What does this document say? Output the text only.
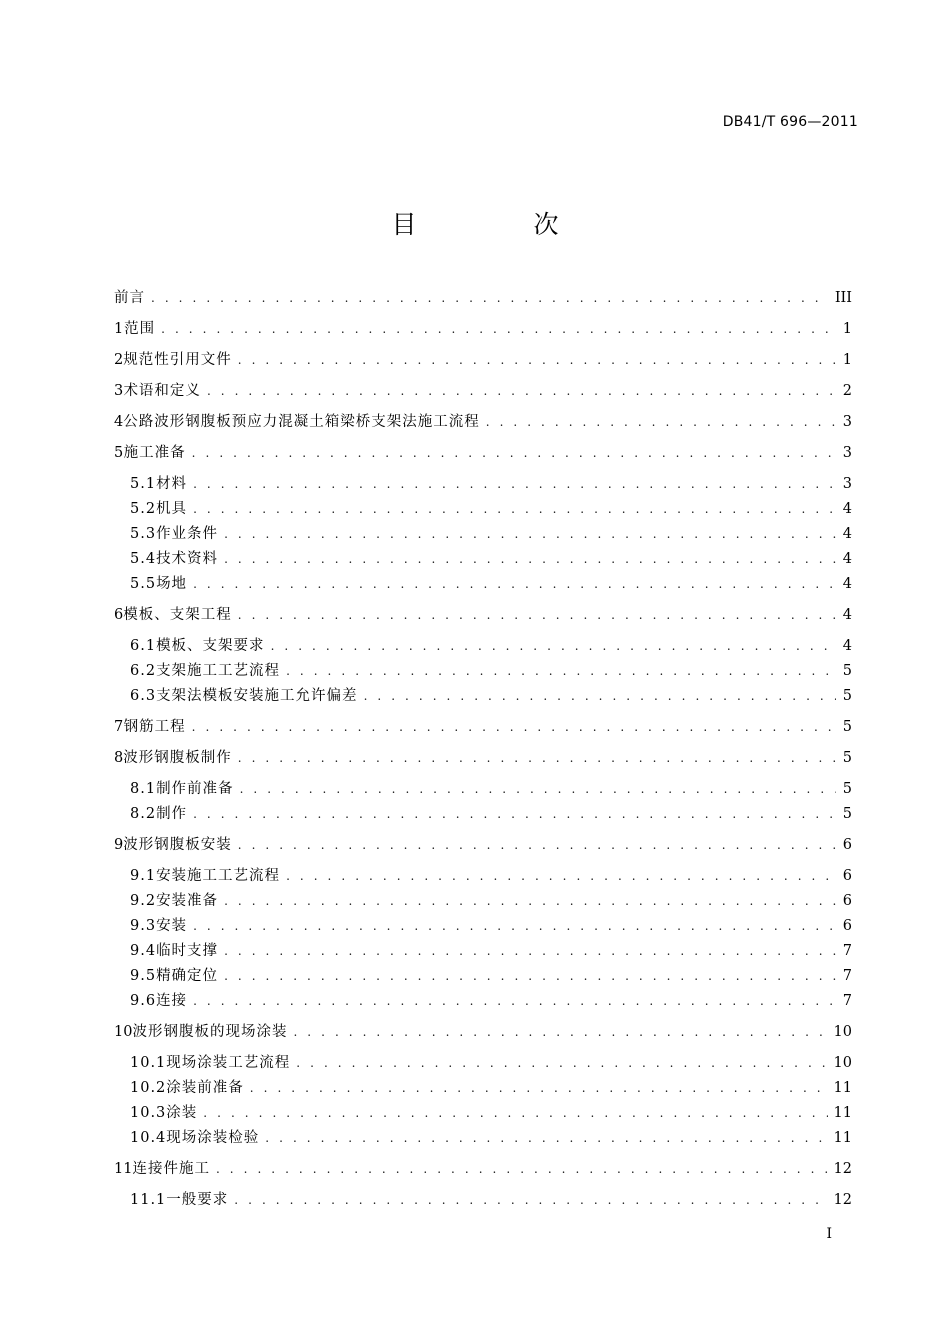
DB41/T 696—2011
目　次
前言 . . .	III
1 范围 . . .	1
2 规范性引用文件 . . .	1
3 术语和定义 . . .	2
4 公路波形钢腹板预应力混凝土箱梁桥支架法施工流程 . . .	3
5 施工准备 . . .	3
5.1 材料 . . .	3
5.2 机具 . . .	4
5.3 作业条件 . . .	4
5.4 技术资料 . . .	4
5.5 场地 . . .	4
6 模板、支架工程 . . .	4
6.1 模板、支架要求 . . .	4
6.2 支架施工工艺流程 . . .	5
6.3 支架法模板安装施工允许偏差 . . .	5
7 钢筋工程 . . .	5
8 波形钢腹板制作 . . .	5
8.1 制作前准备 . . .	5
8.2 制作 . . .	5
9 波形钢腹板安装 . . .	6
9.1 安装施工工艺流程 . . .	6
9.2 安装准备 . . .	6
9.3 安装 . . .	6
9.4 临时支撑 . . .	7
9.5 精确定位 . . .	7
9.6 连接 . . .	7
10 波形钢腹板的现场涂装 . . .	10
10.1 现场涂装工艺流程 . . .	10
10.2 涂装前准备 . . .	11
10.3 涂装 . . .	11
10.4 现场涂装检验 . . .	11
11 连接件施工 . . .	12
11.1 一般要求 . . .	12
I
